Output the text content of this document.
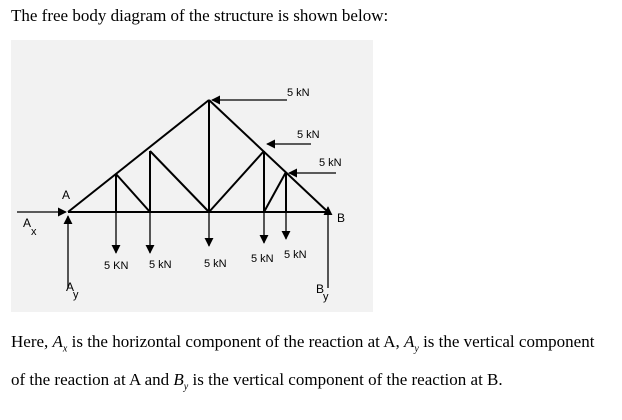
The free body diagram of the structure is shown below:
A
B
A
x
A
y	B
y
5 kN
5 kN
5 kN
5 KN 5 kN	5 kN 5 kN 5 kN
Here, $A_x$ is the horizontal component of the reaction at A, $A_y$ is the vertical component of the reaction at A and $B_y$ is the vertical component of the reaction at B.
